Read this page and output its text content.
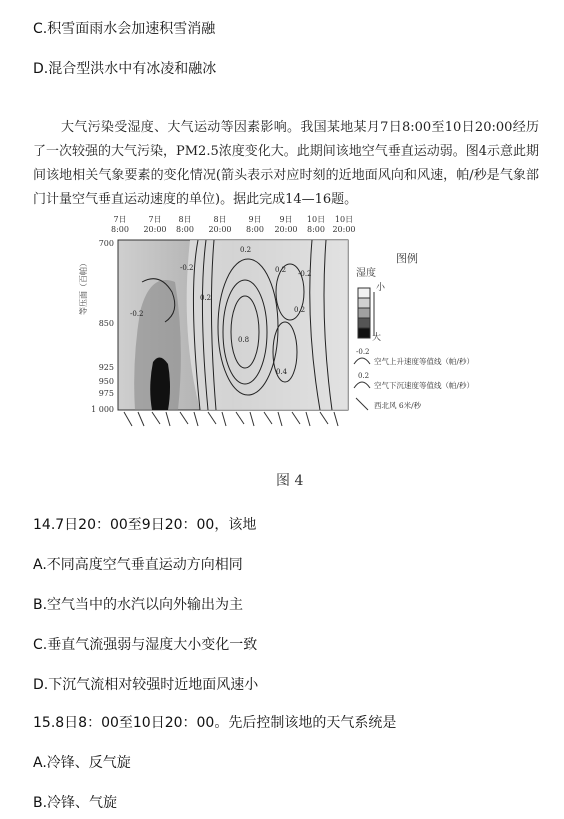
C.积雪面雨水会加速积雪消融
D.混合型洪水中有冰凌和融冰
大气污染受湿度、大气运动等因素影响。我国某地某月7日8:00至10日20:00经历了一次较强的大气污染，PM2.5浓度变化大。此期间该地空气垂直运动弱。图4示意此期间该地相关气象要素的变化情况(箭头表示对应时刻的近地面风向和风速，帕/秒是气象部门计量空气垂直运动速度的单位)。据此完成14—16题。
7日
8:00
7日
20:00
8日
8:00
8日
20:00
9日
8:00
9日
20:00
10日
8:00
10日
20:00
等压面（百帕）
700
850
925
950
975
1 000
-0.2
-0.2
0.2
0.2
0.2 -0.2
0.2
0.8
0.4
图例
湿度
小
大
-0.2
空气上升速度等值线（帕/秒）
0.2
空气下沉速度等值线（帕/秒）
西北风 6米/秒
图 4
14.7日20：00至9日20：00，该地
A.不同高度空气垂直运动方向相同
B.空气当中的水汽以向外输出为主
C.垂直气流强弱与湿度大小变化一致
D.下沉气流相对较强时近地面风速小
15.8日8：00至10日20：00。先后控制该地的天气系统是
A.冷锋、反气旋
B.冷锋、气旋
